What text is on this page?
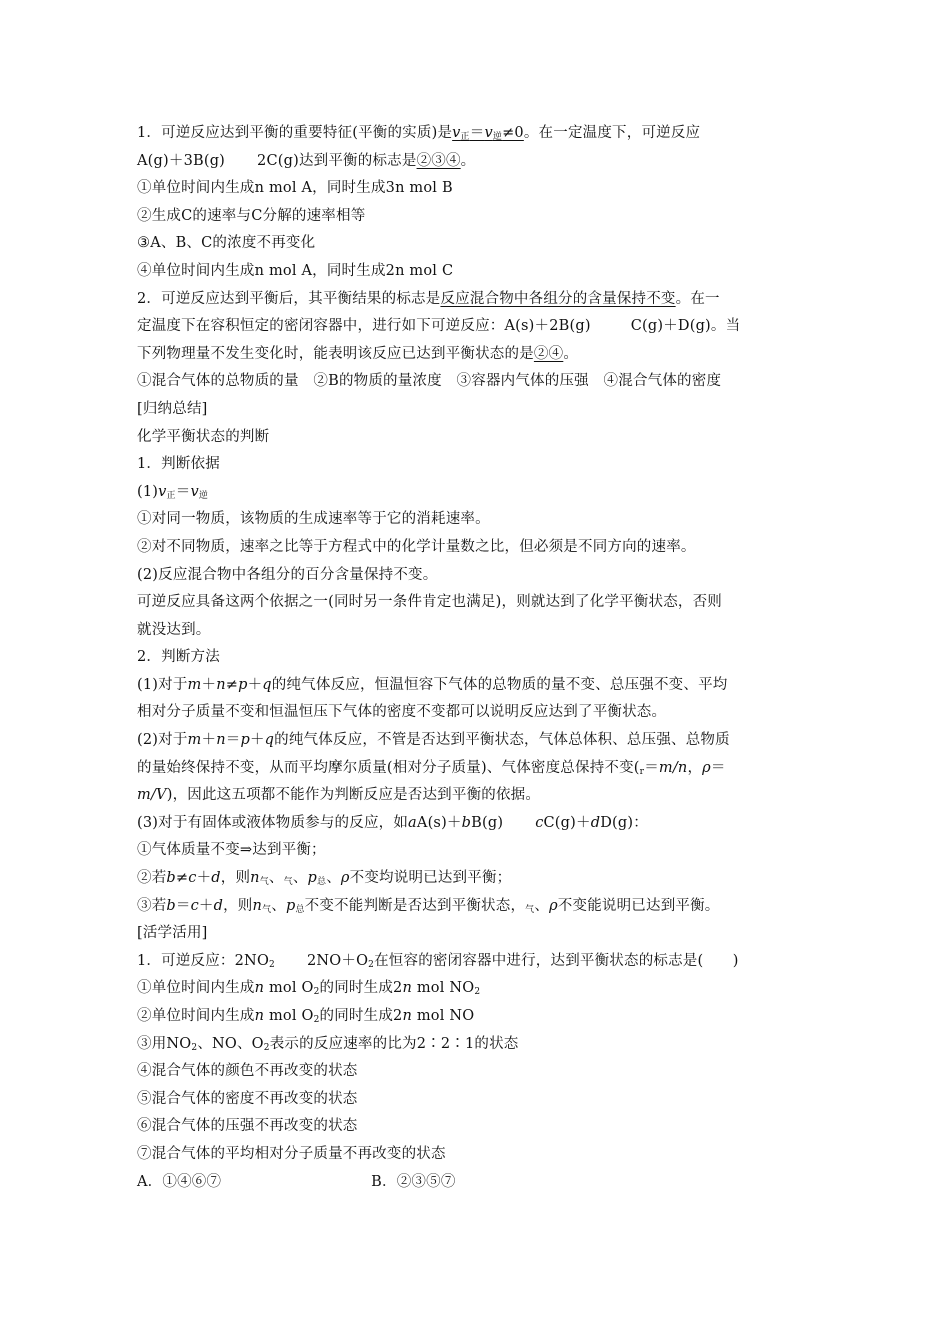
1．可逆反应达到平衡的重要特征(平衡的实质)是$v_正=v_逆\ne 0$。在一定温度下，可逆反应
A(g)＋3B(g) 2C(g)达到平衡的标志是②③④。
①单位时间内生成n mol A，同时生成3n mol B
②生成C的速率与C分解的速率相等
③A、B、C的浓度不再变化
④单位时间内生成n mol A，同时生成2n mol C
2．可逆反应达到平衡后，其平衡结果的标志是反应混合物中各组分的含量保持不变。在一
定温度下在容积恒定的密闭容器中，进行如下可逆反应：A(s)＋2B(g)	C(g)＋D(g)。当
下列物理量不发生变化时，能表明该反应已达到平衡状态的是②④。
①混合气体的总物质的量　②B的物质的量浓度　③容器内气体的压强　④混合气体的密度
[归纳总结]
化学平衡状态的判断
1．判断依据
$(1)v_正=v_逆$
①对同一物质，该物质的生成速率等于它的消耗速率。
②对不同物质，速率之比等于方程式中的化学计量数之比，但必须是不同方向的速率。
(2)反应混合物中各组分的百分含量保持不变。
可逆反应具备这两个依据之一(同时另一条件肯定也满足)，则就达到了化学平衡状态，否则
就没达到。
2．判断方法
(1)对于m＋n≠p＋q的纯气体反应，恒温恒容下气体的总物质的量不变、总压强不变、平均
相对分子质量不变和恒温恒压下气体的密度不变都可以说明反应达到了平衡状态。
(2)对于m＋n＝p＋q的纯气体反应，不管是否达到平衡状态，气体总体积、总压强、总物质
的量始终保持不变，从而平均摩尔质量(相对分子质量)、气体密度总保持不变($_r=m/n$，ρ＝
m/V)，因此这五项都不能作为判断反应是否达到平衡的依据。
(3)对于有固体或液体物质参与的反应，如aA(s)＋bB(g) cC(g)＋dD(g)：
①气体质量不变⇒达到平衡；
②若b≠c＋d，则$n_气$、$_气$、$p_总$、ρ不变均说明已达到平衡；
③若b＝c＋d，则$n_气$、$p_总$不变不能判断是否达到平衡状态，$_气$、ρ不变能说明已达到平衡。
[活学活用]
1．可逆反应：$2NO_2$ $2NO+O_2$在恒容的密闭容器中进行，达到平衡状态的标志是(　　)
①单位时间内生成n mol $O_2$的同时生成2n mol $NO_2$
②单位时间内生成n mol $O_2$的同时生成2n mol NO
③用$NO_2$、NO、$O_2$表示的反应速率的比为2∶2∶1的状态
④混合气体的颜色不再改变的状态
⑤混合气体的密度不再改变的状态
⑥混合气体的压强不再改变的状态
⑦混合气体的平均相对分子质量不再改变的状态
A．①④⑥⑦	B．②③⑤⑦
